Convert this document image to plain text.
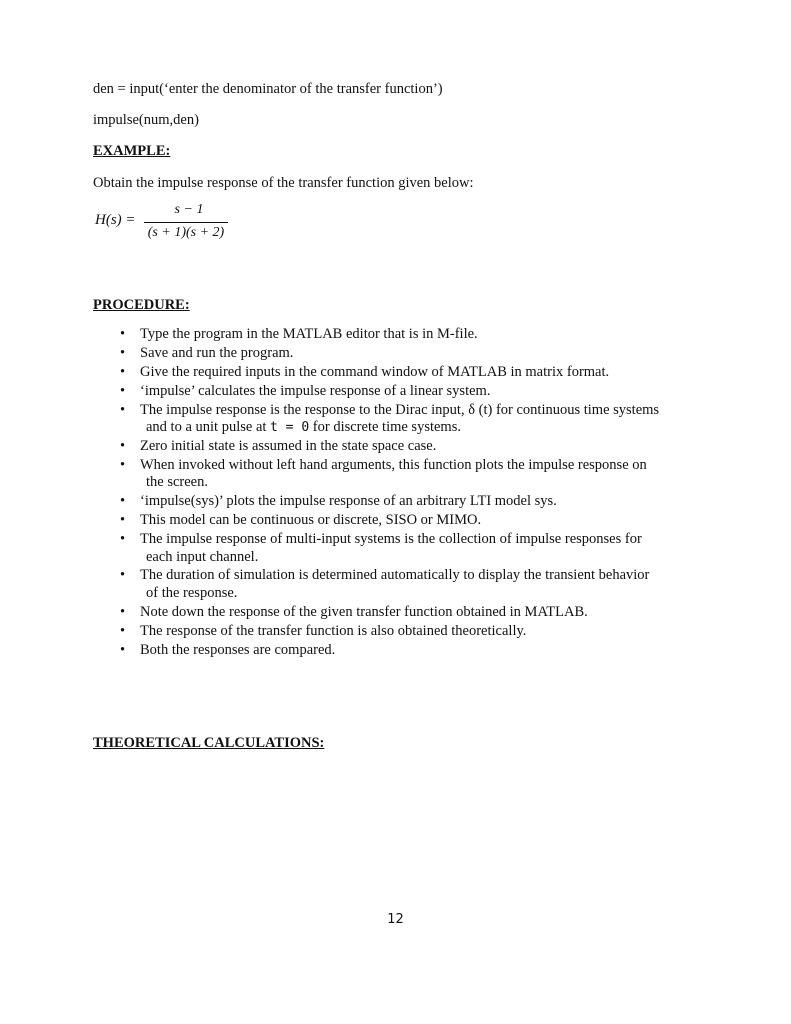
den = input(‘enter the denominator of the transfer function’)
impulse(num,den)
EXAMPLE:
Obtain the impulse response of the transfer function given below:
H(s) =
s − 1
(s + 1)(s + 2)
PROCEDURE:
• Type the program in the MATLAB editor that is in M-file.
• Save and run the program.
• Give the required inputs in the command window of MATLAB in matrix format.
• ‘impulse’ calculates the impulse response of a linear system.
• The impulse response is the response to the Dirac input, δ (t) for continuous time systems
and to a unit pulse at t = 0 for discrete time systems.
• Zero initial state is assumed in the state space case.
• When invoked without left hand arguments, this function plots the impulse response on
the screen.
• ‘impulse(sys)’ plots the impulse response of an arbitrary LTI model sys.
• This model can be continuous or discrete, SISO or MIMO.
• The impulse response of multi-input systems is the collection of impulse responses for
each input channel.
• The duration of simulation is determined automatically to display the transient behavior
of the response.
• Note down the response of the given transfer function obtained in MATLAB.
• The response of the transfer function is also obtained theoretically.
• Both the responses are compared.
THEORETICAL CALCULATIONS:
12
